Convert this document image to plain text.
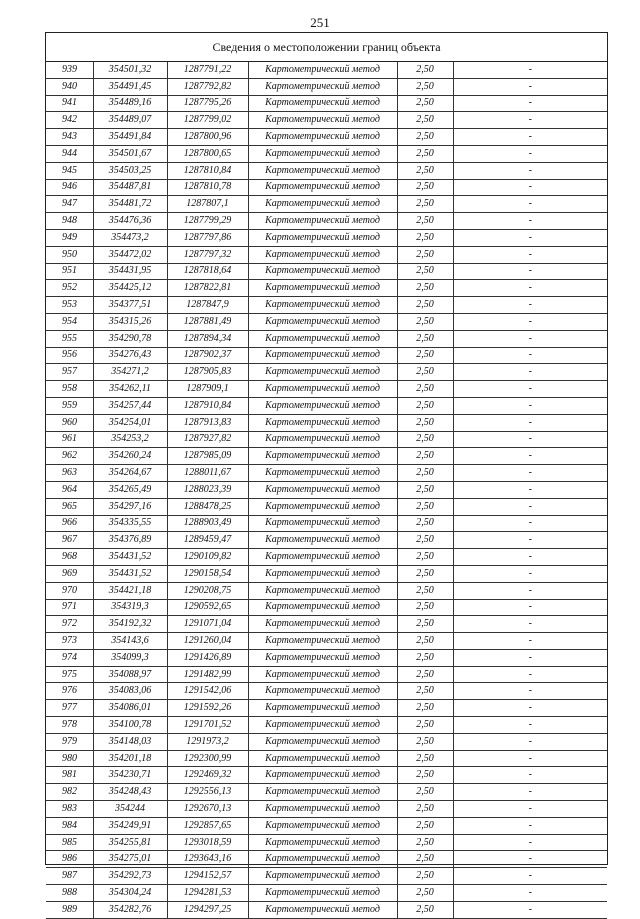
251
Сведения о местоположении границ объекта
939	354501,32	1287791,22	Картометрический метод	2,50	-
940	354491,45	1287792,82	Картометрический метод	2,50	-
941	354489,16	1287795,26	Картометрический метод	2,50	-
942	354489,07	1287799,02	Картометрический метод	2,50	-
943	354491,84	1287800,96	Картометрический метод	2,50	-
944	354501,67	1287800,65	Картометрический метод	2,50	-
945	354503,25	1287810,84	Картометрический метод	2,50	-
946	354487,81	1287810,78	Картометрический метод	2,50	-
947	354481,72	1287807,1	Картометрический метод	2,50	-
948	354476,36	1287799,29	Картометрический метод	2,50	-
949	354473,2	1287797,86	Картометрический метод	2,50	-
950	354472,02	1287797,32	Картометрический метод	2,50	-
951	354431,95	1287818,64	Картометрический метод	2,50	-
952	354425,12	1287822,81	Картометрический метод	2,50	-
953	354377,51	1287847,9	Картометрический метод	2,50	-
954	354315,26	1287881,49	Картометрический метод	2,50	-
955	354290,78	1287894,34	Картометрический метод	2,50	-
956	354276,43	1287902,37	Картометрический метод	2,50	-
957	354271,2	1287905,83	Картометрический метод	2,50	-
958	354262,11	1287909,1	Картометрический метод	2,50	-
959	354257,44	1287910,84	Картометрический метод	2,50	-
960	354254,01	1287913,83	Картометрический метод	2,50	-
961	354253,2	1287927,82	Картометрический метод	2,50	-
962	354260,24	1287985,09	Картометрический метод	2,50	-
963	354264,67	1288011,67	Картометрический метод	2,50	-
964	354265,49	1288023,39	Картометрический метод	2,50	-
965	354297,16	1288478,25	Картометрический метод	2,50	-
966	354335,55	1288903,49	Картометрический метод	2,50	-
967	354376,89	1289459,47	Картометрический метод	2,50	-
968	354431,52	1290109,82	Картометрический метод	2,50	-
969	354431,52	1290158,54	Картометрический метод	2,50	-
970	354421,18	1290208,75	Картометрический метод	2,50	-
971	354319,3	1290592,65	Картометрический метод	2,50	-
972	354192,32	1291071,04	Картометрический метод	2,50	-
973	354143,6	1291260,04	Картометрический метод	2,50	-
974	354099,3	1291426,89	Картометрический метод	2,50	-
975	354088,97	1291482,99	Картометрический метод	2,50	-
976	354083,06	1291542,06	Картометрический метод	2,50	-
977	354086,01	1291592,26	Картометрический метод	2,50	-
978	354100,78	1291701,52	Картометрический метод	2,50	-
979	354148,03	1291973,2	Картометрический метод	2,50	-
980	354201,18	1292300,99	Картометрический метод	2,50	-
981	354230,71	1292469,32	Картометрический метод	2,50	-
982	354248,43	1292556,13	Картометрический метод	2,50	-
983	354244	1292670,13	Картометрический метод	2,50	-
984	354249,91	1292857,65	Картометрический метод	2,50	-
985	354255,81	1293018,59	Картометрический метод	2,50	-
986	354275,01	1293643,16	Картометрический метод	2,50	-
987	354292,73	1294152,57	Картометрический метод	2,50	-
988	354304,24	1294281,53	Картометрический метод	2,50	-
989	354282,76	1294297,25	Картометрический метод	2,50	-
